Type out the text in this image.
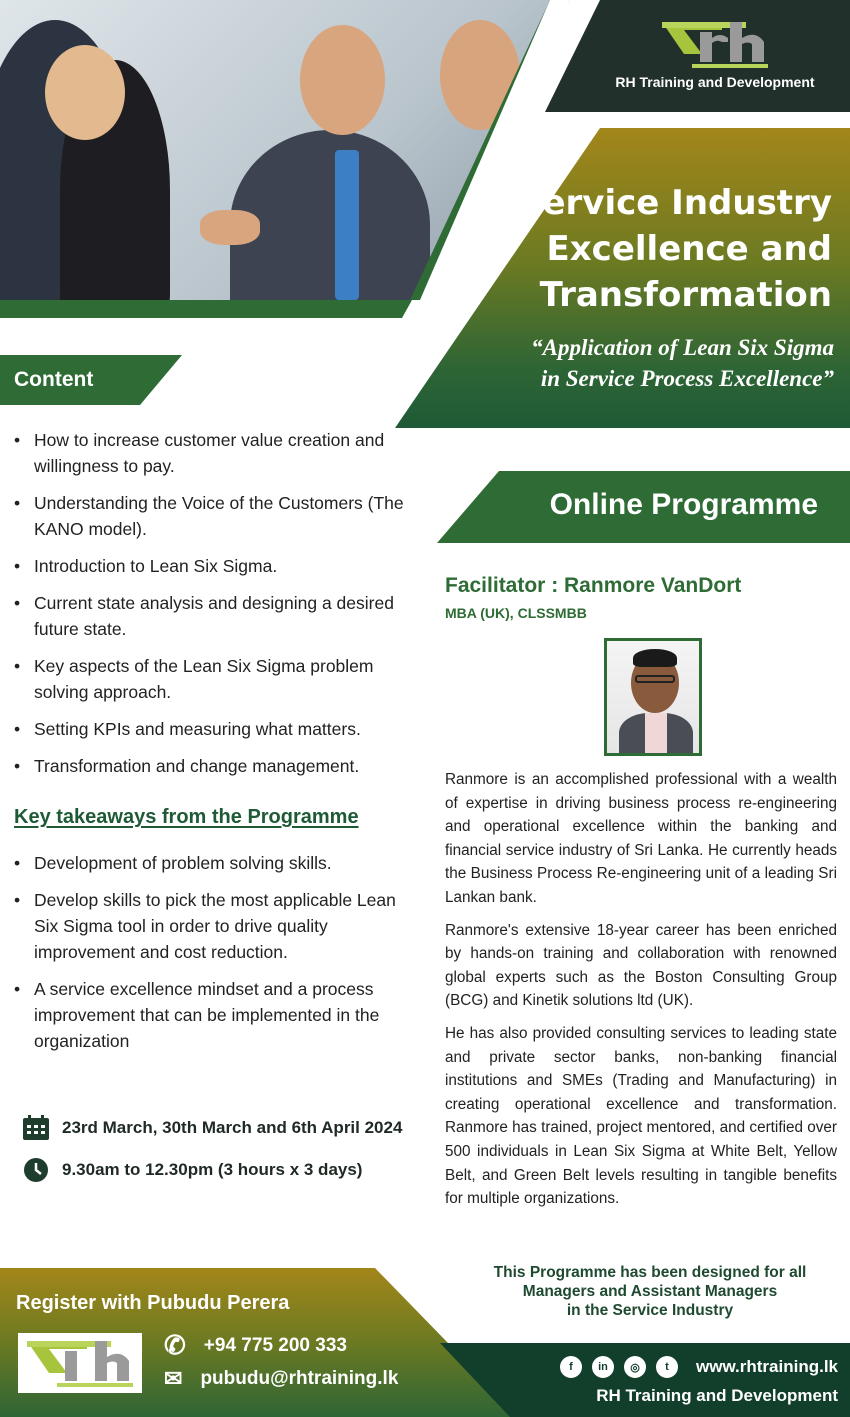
RH Training and Development
Service Industry
Excellence and
Transformation
“Application of Lean Six Sigma
in Service Process Excellence”
Content
• How to increase customer value creation and willingness to pay.
• Understanding the Voice of the Customers (The KANO model).
• Introduction to Lean Six Sigma.
• Current state analysis and designing a desired future state.
• Key aspects of the Lean Six Sigma problem solving approach.
• Setting KPIs and measuring what matters.
• Transformation and change management.
Key takeaways from the Programme
• Development of problem solving skills.
• Develop skills to pick the most applicable Lean Six Sigma tool in order to drive quality improvement and cost reduction.
• A service excellence mindset and a process improvement that can be implemented in the organization
23rd March, 30th March and 6th April 2024
9.30am to 12.30pm (3 hours x 3 days)
Online Programme
Facilitator : Ranmore VanDort
MBA (UK), CLSSMBB

Ranmore is an accomplished professional with a wealth of expertise in driving business process re-engineering and operational excellence within the banking and financial service industry of Sri Lanka. He currently heads the Business Process Re-engineering unit of a leading Sri Lankan bank.

Ranmore's extensive 18-year career has been enriched by hands-on training and collaboration with renowned global experts such as the Boston Consulting Group (BCG) and Kinetik solutions ltd (UK).

He has also provided consulting services to leading state and private sector banks, non-banking financial institutions and SMEs (Trading and Manufacturing) in creating operational excellence and transformation. Ranmore has trained, project mentored, and certified over 500 individuals in Lean Six Sigma at White Belt, Yellow Belt, and Green Belt levels resulting in tangible benefits for multiple organizations.

This Programme has been designed for all
Managers and Assistant Managers
in the Service Industry
Register with Pubudu Perera
✆ +94 775 200 333
✉ pubudu@rhtraining.lk
f	in	◎	t	www.rhtraining.lk
RH Training and Development
